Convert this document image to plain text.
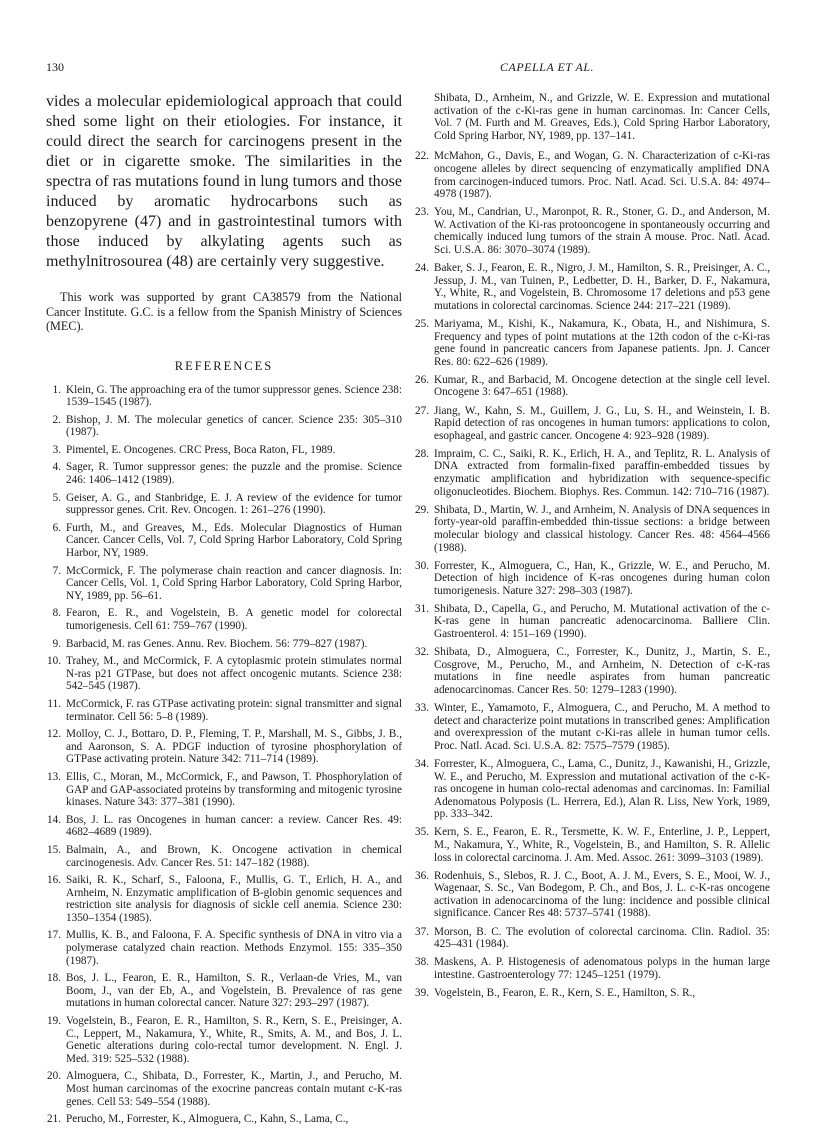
130	CAPELLA ET AL.

vides a molecular epidemiological approach that could shed some light on their etiologies. For instance, it could direct the search for carcinogens present in the diet or in cigarette smoke. The similarities in the spectra of ras mutations found in lung tumors and those induced by aromatic hydrocarbons such as benzopyrene (47) and in gastrointestinal tumors with those induced by alkylating agents such as methylnitrosourea (48) are certainly very suggestive.

This work was supported by grant CA38579 from the National Cancer Institute. G.C. is a fellow from the Spanish Ministry of Sciences (MEC).

REFERENCES
1. Klein, G. The approaching era of the tumor suppressor genes. Science 238: 1539–1545 (1987).
2. Bishop, J. M. The molecular genetics of cancer. Science 235: 305–310 (1987).
3. Pimentel, E. Oncogenes. CRC Press, Boca Raton, FL, 1989.
4. Sager, R. Tumor suppressor genes: the puzzle and the promise. Science 246: 1406–1412 (1989).
5. Geiser, A. G., and Stanbridge, E. J. A review of the evidence for tumor suppressor genes. Crit. Rev. Oncogen. 1: 261–276 (1990).
6. Furth, M., and Greaves, M., Eds. Molecular Diagnostics of Human Cancer. Cancer Cells, Vol. 7, Cold Spring Harbor Laboratory, Cold Spring Harbor, NY, 1989.
7. McCormick, F. The polymerase chain reaction and cancer diagnosis. In: Cancer Cells, Vol. 1, Cold Spring Harbor Laboratory, Cold Spring Harbor, NY, 1989, pp. 56–61.
8. Fearon, E. R., and Vogelstein, B. A genetic model for colorectal tumorigenesis. Cell 61: 759–767 (1990).
9. Barbacid, M. ras Genes. Annu. Rev. Biochem. 56: 779–827 (1987).
10. Trahey, M., and McCormick, F. A cytoplasmic protein stimulates normal N-ras p21 GTPase, but does not affect oncogenic mutants. Science 238: 542–545 (1987).
11. McCormick, F. ras GTPase activating protein: signal transmitter and signal terminator. Cell 56: 5–8 (1989).
12. Molloy, C. J., Bottaro, D. P., Fleming, T. P., Marshall, M. S., Gibbs, J. B., and Aaronson, S. A. PDGF induction of tyrosine phosphorylation of GTPase activating protein. Nature 342: 711–714 (1989).
13. Ellis, C., Moran, M., McCormick, F., and Pawson, T. Phosphorylation of GAP and GAP-associated proteins by transforming and mitogenic tyrosine kinases. Nature 343: 377–381 (1990).
14. Bos, J. L. ras Oncogenes in human cancer: a review. Cancer Res. 49: 4682–4689 (1989).
15. Balmain, A., and Brown, K. Oncogene activation in chemical carcinogenesis. Adv. Cancer Res. 51: 147–182 (1988).
16. Saiki, R. K., Scharf, S., Faloona, F., Mullis, G. T., Erlich, H. A., and Arnheim, N. Enzymatic amplification of B-globin genomic sequences and restriction site analysis for diagnosis of sickle cell anemia. Science 230: 1350–1354 (1985).
17. Mullis, K. B., and Faloona, F. A. Specific synthesis of DNA in vitro via a polymerase catalyzed chain reaction. Methods Enzymol. 155: 335–350 (1987).
18. Bos, J. L., Fearon, E. R., Hamilton, S. R., Verlaan-de Vries, M., van Boom, J., van der Eb, A., and Vogelstein, B. Prevalence of ras gene mutations in human colorectal cancer. Nature 327: 293–297 (1987).
19. Vogelstein, B., Fearon, E. R., Hamilton, S. R., Kern, S. E., Preisinger, A. C., Leppert, M., Nakamura, Y., White, R., Smits, A. M., and Bos, J. L. Genetic alterations during colo-rectal tumor development. N. Engl. J. Med. 319: 525–532 (1988).
20. Almoguera, C., Shibata, D., Forrester, K., Martin, J., and Perucho, M. Most human carcinomas of the exocrine pancreas contain mutant c-K-ras genes. Cell 53: 549–554 (1988).
21. Perucho, M., Forrester, K., Almoguera, C., Kahn, S., Lama, C.,

Shibata, D., Arnheim, N., and Grizzle, W. E. Expression and mutational activation of the c-Ki-ras gene in human carcinomas. In: Cancer Cells, Vol. 7 (M. Furth and M. Greaves, Eds.), Cold Spring Harbor Laboratory, Cold Spring Harbor, NY, 1989, pp. 137–141.

22. McMahon, G., Davis, E., and Wogan, G. N. Characterization of c-Ki-ras oncogene alleles by direct sequencing of enzymatically amplified DNA from carcinogen-induced tumors. Proc. Natl. Acad. Sci. U.S.A. 84: 4974–4978 (1987).
23. You, M., Candrian, U., Maronpot, R. R., Stoner, G. D., and Anderson, M. W. Activation of the Ki-ras protooncogene in spontaneously occurring and chemically induced lung tumors of the strain A mouse. Proc. Natl. Acad. Sci. U.S.A. 86: 3070–3074 (1989).
24. Baker, S. J., Fearon, E. R., Nigro, J. M., Hamilton, S. R., Preisinger, A. C., Jessup, J. M., van Tuinen, P., Ledbetter, D. H., Barker, D. F., Nakamura, Y., White, R., and Vogelstein, B. Chromosome 17 deletions and p53 gene mutations in colorectal carcinomas. Science 244: 217–221 (1989).
25. Mariyama, M., Kishi, K., Nakamura, K., Obata, H., and Nishimura, S. Frequency and types of point mutations at the 12th codon of the c-Ki-ras gene found in pancreatic cancers from Japanese patients. Jpn. J. Cancer Res. 80: 622–626 (1989).
26. Kumar, R., and Barbacid, M. Oncogene detection at the single cell level. Oncogene 3: 647–651 (1988).
27. Jiang, W., Kahn, S. M., Guillem, J. G., Lu, S. H., and Weinstein, I. B. Rapid detection of ras oncogenes in human tumors: applications to colon, esophageal, and gastric cancer. Oncogene 4: 923–928 (1989).
28. Impraim, C. C., Saiki, R. K., Erlich, H. A., and Teplitz, R. L. Analysis of DNA extracted from formalin-fixed paraffin-embedded tissues by enzymatic amplification and hybridization with sequence-specific oligonucleotides. Biochem. Biophys. Res. Commun. 142: 710–716 (1987).
29. Shibata, D., Martin, W. J., and Arnheim, N. Analysis of DNA sequences in forty-year-old paraffin-embedded thin-tissue sections: a bridge between molecular biology and classical histology. Cancer Res. 48: 4564–4566 (1988).
30. Forrester, K., Almoguera, C., Han, K., Grizzle, W. E., and Perucho, M. Detection of high incidence of K-ras oncogenes during human colon tumorigenesis. Nature 327: 298–303 (1987).
31. Shibata, D., Capella, G., and Perucho, M. Mutational activation of the c-K-ras gene in human pancreatic adenocarcinoma. Balliere Clin. Gastroenterol. 4: 151–169 (1990).
32. Shibata, D., Almoguera, C., Forrester, K., Dunitz, J., Martin, S. E., Cosgrove, M., Perucho, M., and Arnheim, N. Detection of c-K-ras mutations in fine needle aspirates from human pancreatic adenocarcinomas. Cancer Res. 50: 1279–1283 (1990).
33. Winter, E., Yamamoto, F., Almoguera, C., and Perucho, M. A method to detect and characterize point mutations in transcribed genes: Amplification and overexpression of the mutant c-Ki-ras allele in human tumor cells. Proc. Natl. Acad. Sci. U.S.A. 82: 7575–7579 (1985).
34. Forrester, K., Almoguera, C., Lama, C., Dunitz, J., Kawanishi, H., Grizzle, W. E., and Perucho, M. Expression and mutational activation of the c-K-ras oncogene in human colo-rectal adenomas and carcinomas. In: Familial Adenomatous Polyposis (L. Herrera, Ed.), Alan R. Liss, New York, 1989, pp. 333–342.
35. Kern, S. E., Fearon, E. R., Tersmette, K. W. F., Enterline, J. P., Leppert, M., Nakamura, Y., White, R., Vogelstein, B., and Hamilton, S. R. Allelic loss in colorectal carcinoma. J. Am. Med. Assoc. 261: 3099–3103 (1989).
36. Rodenhuis, S., Slebos, R. J. C., Boot, A. J. M., Evers, S. E., Mooi, W. J., Wagenaar, S. Sc., Van Bodegom, P. Ch., and Bos, J. L. c-K-ras oncogene activation in adenocarcinoma of the lung: incidence and possible clinical significance. Cancer Res 48: 5737–5741 (1988).
37. Morson, B. C. The evolution of colorectal carcinoma. Clin. Radiol. 35: 425–431 (1984).
38. Maskens, A. P. Histogenesis of adenomatous polyps in the human large intestine. Gastroenterology 77: 1245–1251 (1979).
39. Vogelstein, B., Fearon, E. R., Kern, S. E., Hamilton, S. R.,
